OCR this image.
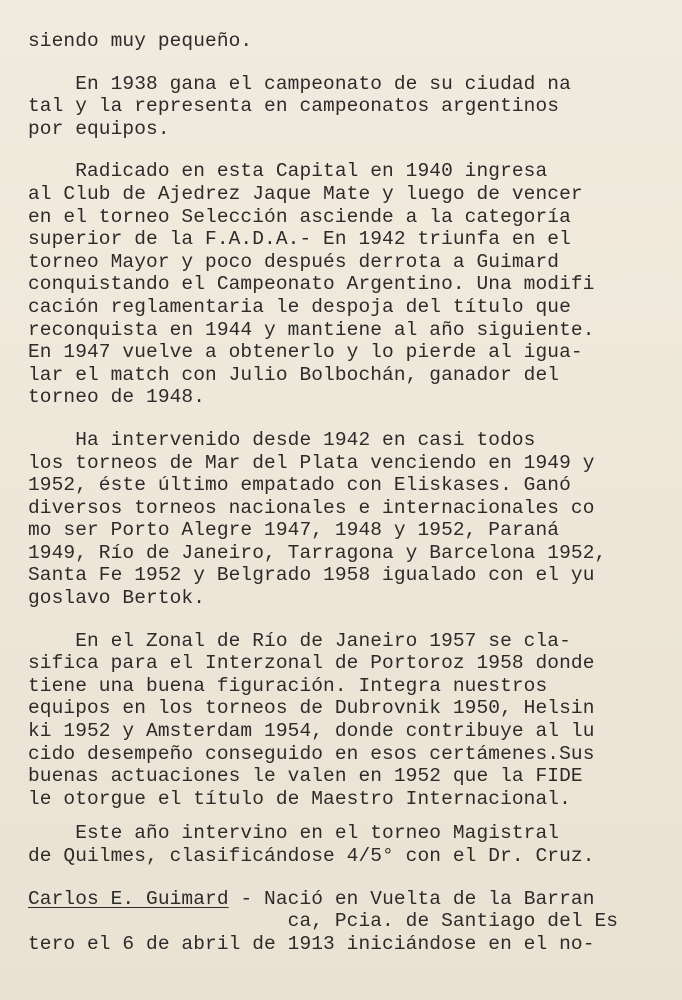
siendo muy pequeño.
En 1938 gana el campeonato de su ciudad na
tal y la representa en campeonatos argentinos
por equipos.
Radicado en esta Capital en 1940 ingresa
al Club de Ajedrez Jaque Mate y luego de vencer
en el torneo Selección asciende a la categoría
superior de la F.A.D.A.- En 1942 triunfa en el
torneo Mayor y poco después derrota a Guimard
conquistando el Campeonato Argentino. Una modifi
cación reglamentaria le despoja del título que
reconquista en 1944 y mantiene al año siguiente.
En 1947 vuelve a obtenerlo y lo pierde al igua-
lar el match con Julio Bolbochán, ganador del
torneo de 1948.
Ha intervenido desde 1942 en casi todos
los torneos de Mar del Plata venciendo en 1949 y
1952, éste último empatado con Eliskases. Ganó
diversos torneos nacionales e internacionales co
mo ser Porto Alegre 1947, 1948 y 1952, Paraná
1949, Río de Janeiro, Tarragona y Barcelona 1952,
Santa Fe 1952 y Belgrado 1958 igualado con el yu
goslavo Bertok.
En el Zonal de Río de Janeiro 1957 se cla-
sifica para el Interzonal de Portoroz 1958 donde
tiene una buena figuración. Integra nuestros
equipos en los torneos de Dubrovnik 1950, Helsin
ki 1952 y Amsterdam 1954, donde contribuye al lu
cido desempeño conseguido en esos certámenes.Sus
buenas actuaciones le valen en 1952 que la FIDE
le otorgue el título de Maestro Internacional.
Este año intervino en el torneo Magistral
de Quilmes, clasificándose 4/5° con el Dr. Cruz.
Carlos E. Guimard - Nació en Vuelta de la Barran
ca, Pcia. de Santiago del Es
tero el 6 de abril de 1913 iniciándose en el no-
